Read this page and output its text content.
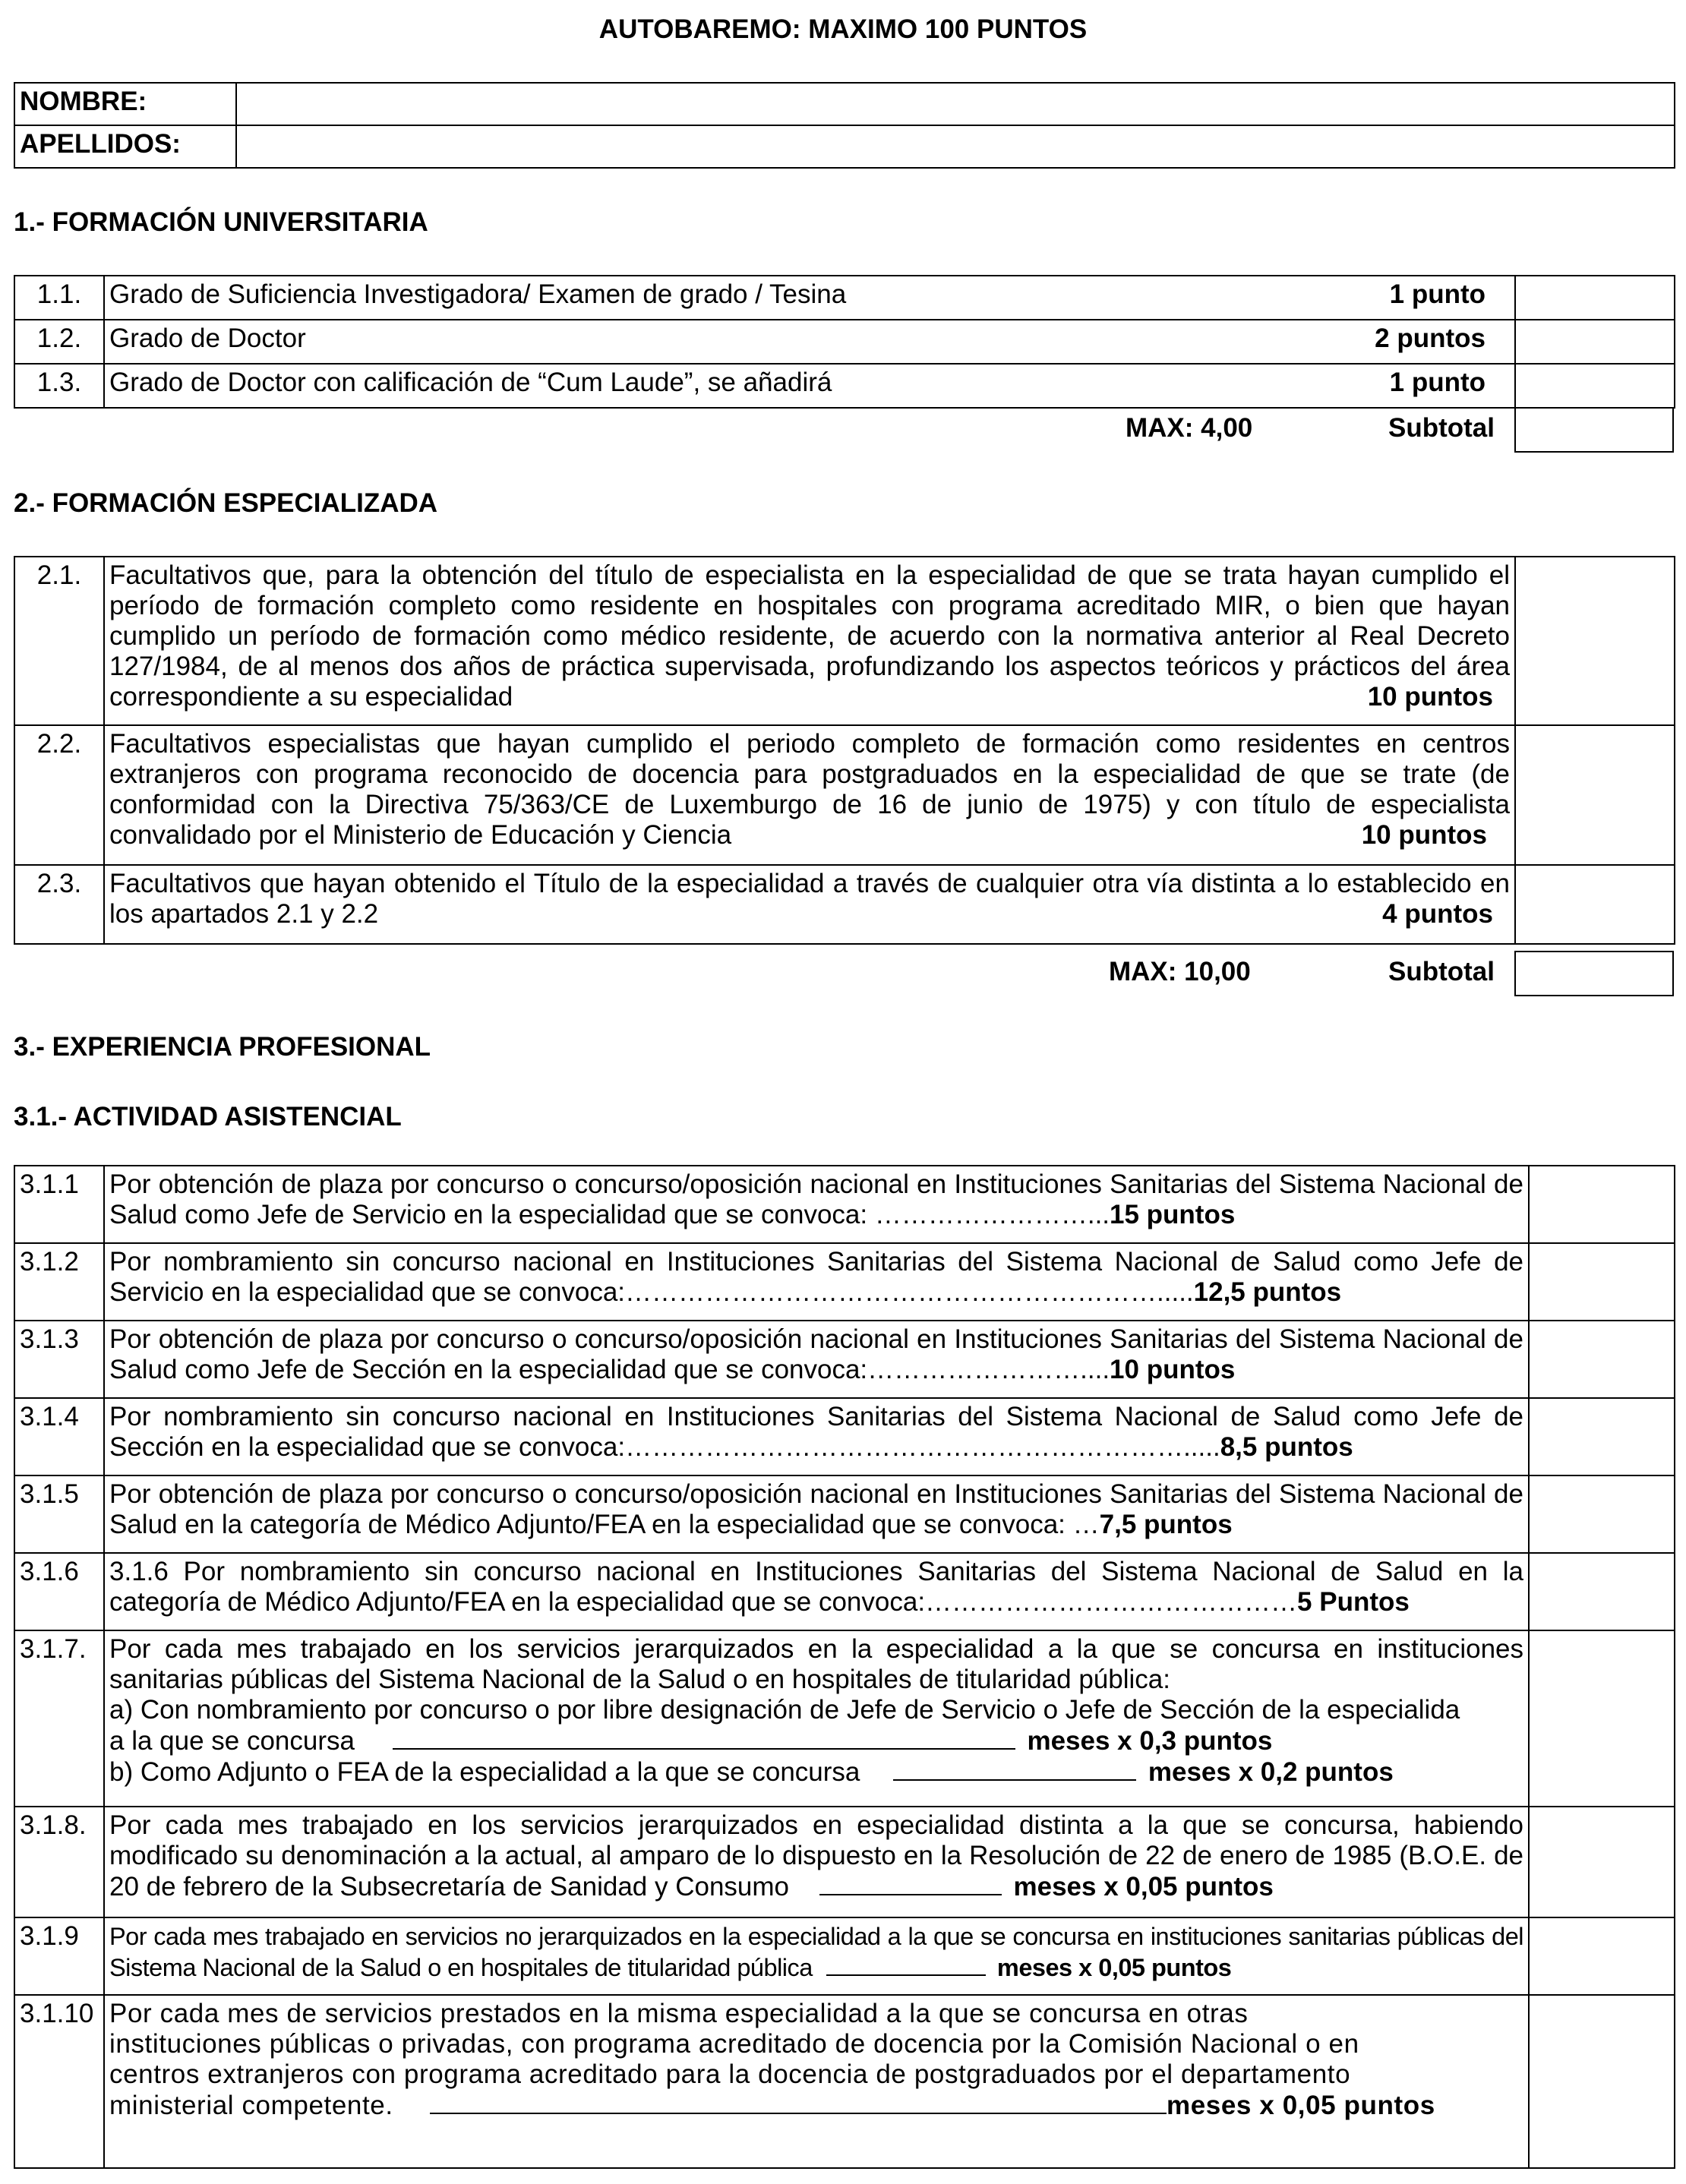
AUTOBAREMO: MAXIMO 100 PUNTOS
NOMBRE:	
APELLIDOS:	
1.- FORMACIÓN UNIVERSITARIA
1.1.	Grado de Suficiencia Investigadora/ Examen de grado / Tesina 1 punto	

1.2.	Grado de Doctor 2 puntos	

1.3.	Grado de Doctor con calificación de “Cum Laude”, se añadirá 1 punto	

MAX: 4,00	Subtotal
2.- FORMACIÓN ESPECIALIZADA
2.1.	Facultativos que, para la obtención del título de especialista en la especialidad de que se trata hayan cumplido el período de formación completo como residente en hospitales con programa acreditado MIR, o bien que hayan cumplido un período de formación como médico residente, de acuerdo con la normativa anterior al Real Decreto 127/1984, de al menos dos años de práctica supervisada, profundizando los aspectos teóricos y prácticos del área correspondiente a su especialidad 10 puntos	

2.2.	Facultativos especialistas que hayan cumplido el periodo completo de formación como residentes en centros extranjeros con programa reconocido de docencia para postgraduados en la especialidad de que se trate (de conformidad con la Directiva 75/363/CE de Luxemburgo de 16 de junio de 1975) y con título de especialista convalidado por el Ministerio de Educación y Ciencia 10 puntos	

2.3.	Facultativos que hayan obtenido el Título de la especialidad a través de cualquier otra vía distinta a lo establecido en los apartados 2.1 y 2.2 4 puntos	

MAX: 10,00	Subtotal
3.- EXPERIENCIA PROFESIONAL
3.1.- ACTIVIDAD ASISTENCIAL
3.1.1	Por obtención de plaza por concurso o concurso/oposición nacional en Instituciones Sanitarias del Sistema Nacional de Salud como Jefe de Servicio en la especialidad que se convoca: ……………………...15 puntos	
3.1.2	Por nombramiento sin concurso nacional en Instituciones Sanitarias del Sistema Nacional de Salud como Jefe de Servicio en la especialidad que se convoca:…………………………………………………….....12,5 puntos	
3.1.3	Por obtención de plaza por concurso o concurso/oposición nacional en Instituciones Sanitarias del Sistema Nacional de Salud como Jefe de Sección en la especialidad que se convoca:……………………....10 puntos	
3.1.4	Por nombramiento sin concurso nacional en Instituciones Sanitarias del Sistema Nacional de Salud como Jefe de Sección en la especialidad que se convoca:……………………………………………………….....8,5 puntos	
3.1.5	Por obtención de plaza por concurso o concurso/oposición nacional en Instituciones Sanitarias del Sistema Nacional de Salud en la categoría de Médico Adjunto/FEA en la especialidad que se convoca: …7,5 puntos	
3.1.6	3.1.6 Por nombramiento sin concurso nacional en Instituciones Sanitarias del Sistema Nacional de Salud en la categoría de Médico Adjunto/FEA en la especialidad que se convoca:……………………………………5 Puntos	
3.1.7.	Por cada mes trabajado en los servicios jerarquizados en la especialidad a la que se concursa en instituciones sanitarias públicas del Sistema Nacional de la Salud o en hospitales de titularidad pública:
a) Con nombramiento por concurso o por libre designación de Jefe de Servicio o Jefe de Sección de la especialida
a la que se concursa meses x 0,3 puntos
b) Como Adjunto o FEA de la especialidad a la que se concursa meses x 0,2 puntos	

3.1.8.	Por cada mes trabajado en los servicios jerarquizados en especialidad distinta a la que se concursa, habiendo modificado su denominación a la actual, al amparo de lo dispuesto en la Resolución de 22 de enero de 1985 (B.O.E. de 20 de febrero de la Subsecretaría de Sanidad y Consumo meses x 0,05 puntos	
3.1.9	Por cada mes trabajado en servicios no jerarquizados en la especialidad a la que se concursa en instituciones sanitarias públicas del Sistema Nacional de la Salud o en hospitales de titularidad pública meses x 0,05 puntos	
3.1.10	Por cada mes de servicios prestados en la misma especialidad a la que se concursa en otras
instituciones públicas o privadas, con programa acreditado de docencia por la Comisión Nacional o en
centros extranjeros con programa acreditado para la docencia de postgraduados por el departamento
ministerial competente. meses x 0,05 puntos	
